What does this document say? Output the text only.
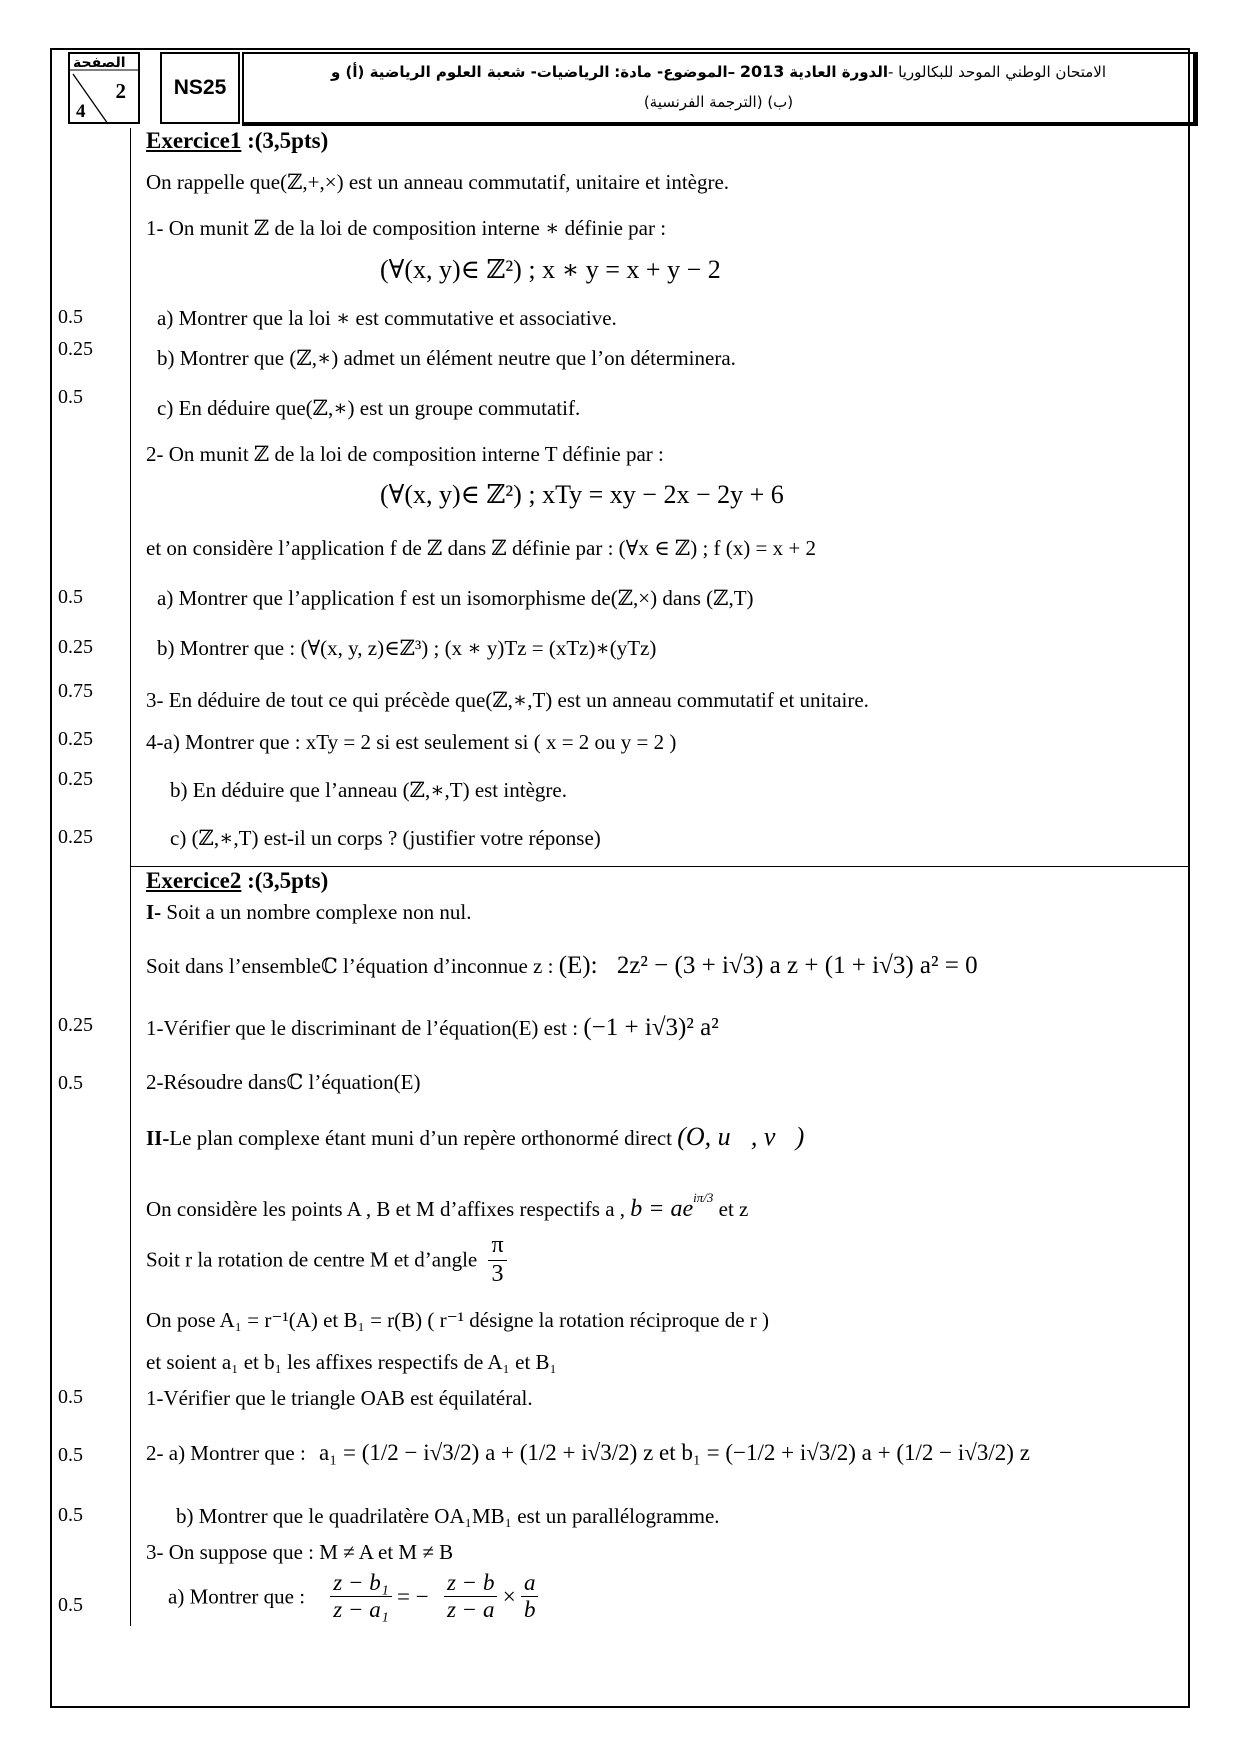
الصفحة
2
4
NS25
الامتحان الوطني الموحد للبكالوريا -الدورة العادية 2013 –الموضوع- مادة: الرياضيات- شعبة العلوم الرياضية (أ) و
(ب) (الترجمة الفرنسية)
Exercice1 :(3,5pts)
On rappelle que(ℤ,+,×) est un anneau commutatif, unitaire et intègre.
1- On munit ℤ de la loi de composition interne ∗ définie par :
(∀(x, y)∈ ℤ²) ; x ∗ y = x + y − 2
0.5	a) Montrer que la loi ∗ est commutative et associative.
0.25	b) Montrer que (ℤ,∗) admet un élément neutre que l’on déterminera.
0.5	c) En déduire que(ℤ,∗) est un groupe commutatif.
2- On munit ℤ de la loi de composition interne T définie par :
(∀(x, y)∈ ℤ²) ; xTy = xy − 2x − 2y + 6
et on considère l’application f de ℤ dans ℤ définie par : (∀x ∈ ℤ) ; f (x) = x + 2
0.5	a) Montrer que l’application f est un isomorphisme de(ℤ,×) dans (ℤ,T)
0.25	b) Montrer que : (∀(x, y, z)∈ℤ³) ; (x ∗ y)Tz = (xTz)∗(yTz)
0.75	3- En déduire de tout ce qui précède que(ℤ,∗,T) est un anneau commutatif et unitaire.
0.25	4-a) Montrer que : xTy = 2 si est seulement si ( x = 2 ou y = 2 )
0.25	b) En déduire que l’anneau (ℤ,∗,T) est intègre.
0.25	c) (ℤ,∗,T) est-il un corps ? (justifier votre réponse)
Exercice2 :(3,5pts)
I- Soit a un nombre complexe non nul.
Soit dans l’ensembleℂ l’équation d’inconnue z : (E): 2z² − (3 + i√3) a z + (1 + i√3) a² = 0
0.25	1-Vérifier que le discriminant de l’équation(E) est : (−1 + i√3)² a²
0.5	2-Résoudre dansℂ l’équation(E)
II-Le plan complexe étant muni d’un repère orthonormé direct (O, u⃗, v⃗)
On considère les points A , B et M d’affixes respectifs a , $b = ae^{i\pi/3}$ et z
Soit r la rotation de centre M et d’angle $\frac{\pi}{3}$
On pose A₁ = r⁻¹(A) et B₁ = r(B) ( r⁻¹ désigne la rotation réciproque de r )
et soient a₁ et b₁ les affixes respectifs de A₁ et B₁
0.5	1-Vérifier que le triangle OAB est équilatéral.
0.5	2- a) Montrer que : a₁ = (1/2 − i√3/2) a + (1/2 + i√3/2) z et b₁ = (−1/2 + i√3/2) a + (1/2 − i√3/2) z
0.5	b) Montrer que le quadrilatère OA₁MB₁ est un parallélogramme.
3- On suppose que : M ≠ A et M ≠ B
0.5	a) Montrer que : $\frac{\text{z − b₁}}{\text{z − a₁}}$ = − $\frac{z - b}{z - a} \times \frac{a}{b}$
